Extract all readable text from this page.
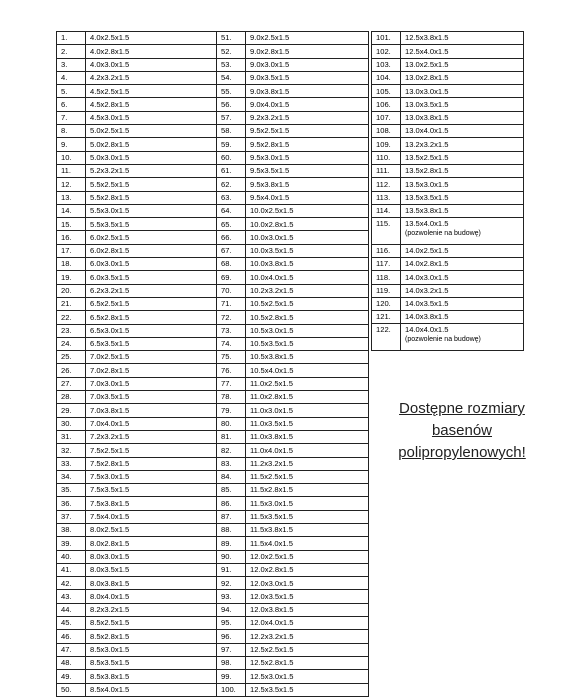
1.	4.0x2.5x1.5
2.	4.0x2.8x1.5
3.	4.0x3.0x1.5
4.	4.2x3.2x1.5
5.	4.5x2.5x1.5
6.	4.5x2.8x1.5
7.	4.5x3.0x1.5
8.	5.0x2.5x1.5
9.	5.0x2.8x1.5
10.	5.0x3.0x1.5
11.	5.2x3.2x1.5
12.	5.5x2.5x1.5
13.	5.5x2.8x1.5
14.	5.5x3.0x1.5
15.	5.5x3.5x1.5
16.	6.0x2.5x1.5
17.	6.0x2.8x1.5
18.	6.0x3.0x1.5
19.	6.0x3.5x1.5
20.	6.2x3.2x1.5
21.	6.5x2.5x1.5
22.	6.5x2.8x1.5
23.	6.5x3.0x1.5
24.	6.5x3.5x1.5
25.	7.0x2.5x1.5
26.	7.0x2.8x1.5
27.	7.0x3.0x1.5
28.	7.0x3.5x1.5
29.	7.0x3.8x1.5
30.	7.0x4.0x1.5
31.	7.2x3.2x1.5
32.	7.5x2.5x1.5
33.	7.5x2.8x1.5
34.	7.5x3.0x1.5
35.	7.5x3.5x1.5
36.	7.5x3.8x1.5
37.	7.5x4.0x1.5
38.	8.0x2.5x1.5
39.	8.0x2.8x1.5
40.	8.0x3.0x1.5
41.	8.0x3.5x1.5
42.	8.0x3.8x1.5
43.	8.0x4.0x1.5
44.	8.2x3.2x1.5
45.	8.5x2.5x1.5
46.	8.5x2.8x1.5
47.	8.5x3.0x1.5
48.	8.5x3.5x1.5
49.	8.5x3.8x1.5
50.	8.5x4.0x1.5
51.	9.0x2.5x1.5
52.	9.0x2.8x1.5
53.	9.0x3.0x1.5
54.	9.0x3.5x1.5
55.	9.0x3.8x1.5
56.	9.0x4.0x1.5
57.	9.2x3.2x1.5
58.	9.5x2.5x1.5
59.	9.5x2.8x1.5
60.	9.5x3.0x1.5
61.	9.5x3.5x1.5
62.	9.5x3.8x1.5
63.	9.5x4.0x1.5
64.	10.0x2.5x1.5
65.	10.0x2.8x1.5
66.	10.0x3.0x1.5
67.	10.0x3.5x1.5
68.	10.0x3.8x1.5
69.	10.0x4.0x1.5
70.	10.2x3.2x1.5
71.	10.5x2.5x1.5
72.	10.5x2.8x1.5
73.	10.5x3.0x1.5
74.	10.5x3.5x1.5
75.	10.5x3.8x1.5
76.	10.5x4.0x1.5
77.	11.0x2.5x1.5
78.	11.0x2.8x1.5
79.	11.0x3.0x1.5
80.	11.0x3.5x1.5
81.	11.0x3.8x1.5
82.	11.0x4.0x1.5
83.	11.2x3.2x1.5
84.	11.5x2.5x1.5
85.	11.5x2.8x1.5
86.	11.5x3.0x1.5
87.	11.5x3.5x1.5
88.	11.5x3.8x1.5
89.	11.5x4.0x1.5
90.	12.0x2.5x1.5
91.	12.0x2.8x1.5
92.	12.0x3.0x1.5
93.	12.0x3.5x1.5
94.	12.0x3.8x1.5
95.	12.0x4.0x1.5
96.	12.2x3.2x1.5
97.	12.5x2.5x1.5
98.	12.5x2.8x1.5
99.	12.5x3.0x1.5
100.	12.5x3.5x1.5
101.	12.5x3.8x1.5
102.	12.5x4.0x1.5
103.	13.0x2.5x1.5
104.	13.0x2.8x1.5
105.	13.0x3.0x1.5
106.	13.0x3.5x1.5
107.	13.0x3.8x1.5
108.	13.0x4.0x1.5
109.	13.2x3.2x1.5
110.	13.5x2.5x1.5
111.	13.5x2.8x1.5
112.	13.5x3.0x1.5
113.	13.5x3.5x1.5
114.	13.5x3.8x1.5
115.	13.5x4.0x1.5
(pozwolenie na budowę)

116.	14.0x2.5x1.5
117.	14.0x2.8x1.5
118.	14.0x3.0x1.5
119.	14.0x3.2x1.5
120.	14.0x3.5x1.5
121.	14.0x3.8x1.5
122.	14.0x4.0x1.5
(pozwolenie na budowę)
Dostępne rozmiary
basenów
polipropylenowych!
